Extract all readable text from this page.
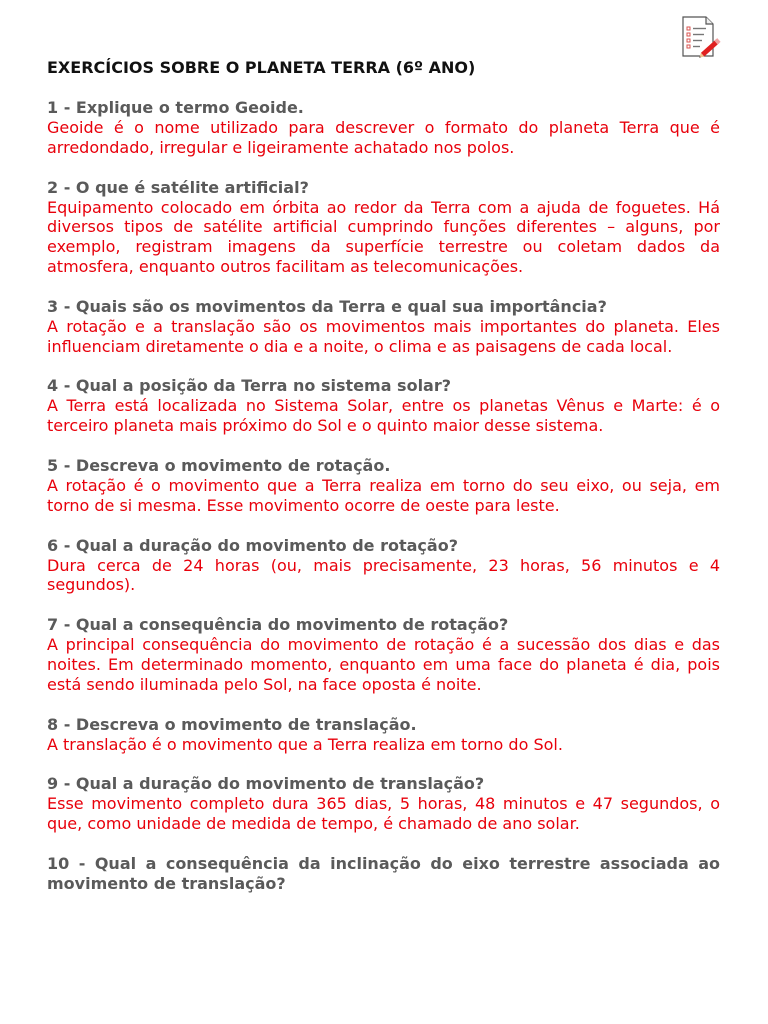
EXERCÍCIOS SOBRE O PLANETA TERRA (6º ANO)
1 - Explique o termo Geoide.
Geoide é o nome utilizado para descrever o formato do planeta Terra que é arredondado, irregular e ligeiramente achatado nos polos.
2 - O que é satélite artificial?
Equipamento colocado em órbita ao redor da Terra com a ajuda de foguetes. Há diversos tipos de satélite artificial cumprindo funções diferentes – alguns, por exemplo, registram imagens da superfície terrestre ou coletam dados da atmosfera, enquanto outros facilitam as telecomunicações.
3 - Quais são os movimentos da Terra e qual sua importância?
A rotação e a translação são os movimentos mais importantes do planeta. Eles influenciam diretamente o dia e a noite, o clima e as paisagens de cada local.
4 - Qual a posição da Terra no sistema solar?
A Terra está localizada no Sistema Solar, entre os planetas Vênus e Marte: é o terceiro planeta mais próximo do Sol e o quinto maior desse sistema.
5 - Descreva o movimento de rotação.
A rotação é o movimento que a Terra realiza em torno do seu eixo, ou seja, em torno de si mesma. Esse movimento ocorre de oeste para leste.
6 - Qual a duração do movimento de rotação?
Dura cerca de 24 horas (ou, mais precisamente, 23 horas, 56 minutos e 4 segundos).
7 - Qual a consequência do movimento de rotação?
A principal consequência do movimento de rotação é a sucessão dos dias e das noites. Em determinado momento, enquanto em uma face do planeta é dia, pois está sendo iluminada pelo Sol, na face oposta é noite.
8 - Descreva o movimento de translação.
A translação é o movimento que a Terra realiza em torno do Sol.
9 - Qual a duração do movimento de translação?
Esse movimento completo dura 365 dias, 5 horas, 48 minutos e 47 segundos, o que, como unidade de medida de tempo, é chamado de ano solar.
10 - Qual a consequência da inclinação do eixo terrestre associada ao movimento de translação?
